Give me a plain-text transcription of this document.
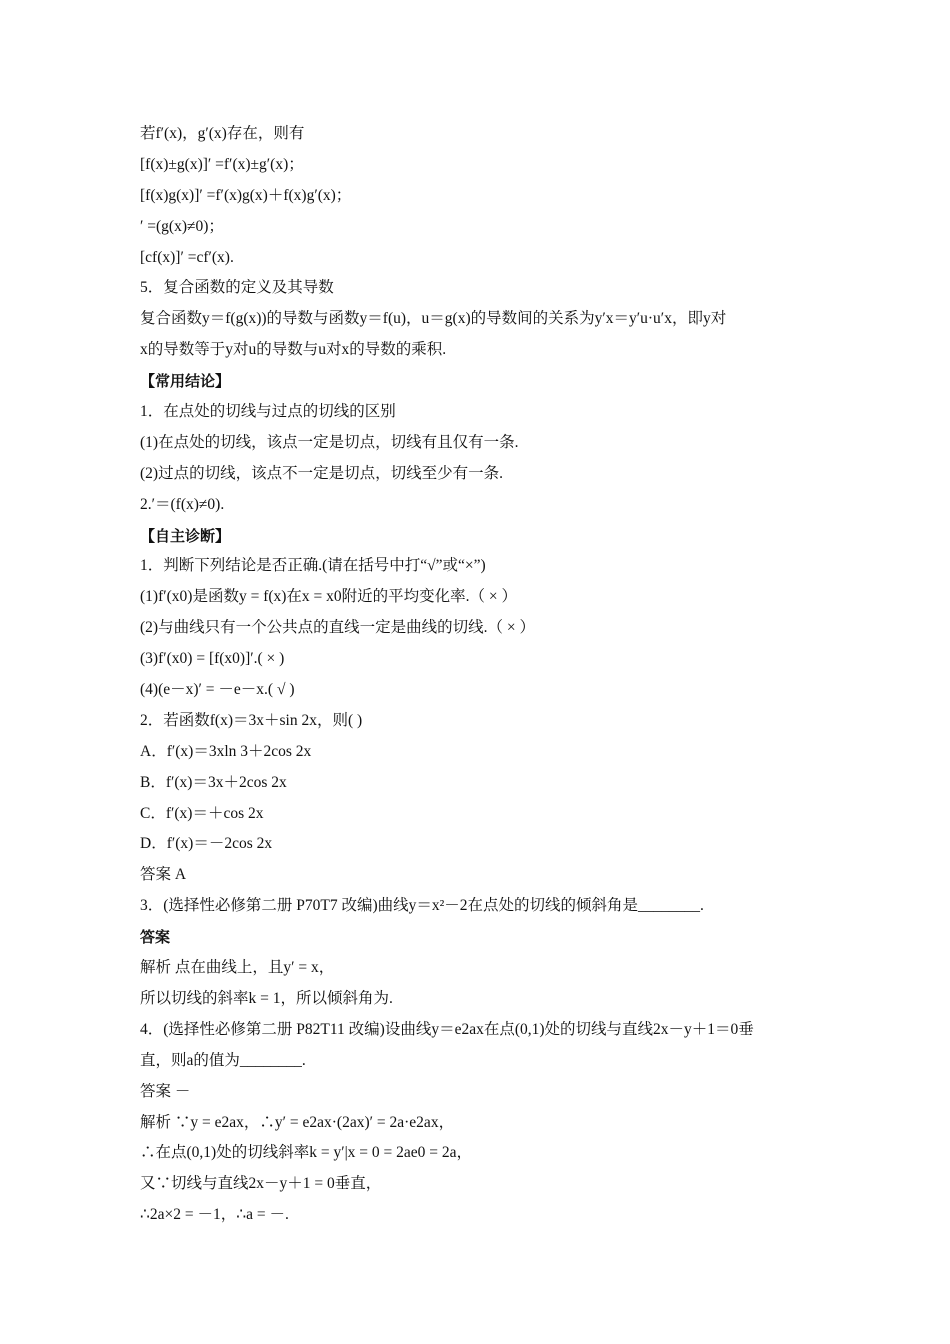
若f′(x)，g′(x)存在，则有
[f(x)±g(x)]′ =f′(x)±g′(x)；
[f(x)g(x)]′ =f′(x)g(x)＋f(x)g′(x)；
′ =(g(x)≠0)；
[cf(x)]′ =cf′(x).
5．复合函数的定义及其导数
复合函数y＝f(g(x))的导数与函数y＝f(u)，u＝g(x)的导数间的关系为y′x＝y′u·u′x，即y对
x的导数等于y对u的导数与u对x的导数的乘积.
【常用结论】
1．在点处的切线与过点的切线的区别
(1)在点处的切线，该点一定是切点，切线有且仅有一条.
(2)过点的切线，该点不一定是切点，切线至少有一条.
2.′＝(f(x)≠0).
【自主诊断】
1．判断下列结论是否正确.(请在括号中打“√”或“×”)
(1)f′(x0)是函数y = f(x)在x = x0附近的平均变化率.（ × ）
(2)与曲线只有一个公共点的直线一定是曲线的切线.（ × ）
(3)f′(x0) = [f(x0)]′.( × )
(4)(e－x)′ = －e－x.( √ )
2．若函数f(x)＝3x＋sin 2x，则( )
A．f′(x)＝3xln 3＋2cos 2x
B．f′(x)＝3x＋2cos 2x
C．f′(x)＝＋cos 2x
D．f′(x)＝－2cos 2x
答案 A
3．(选择性必修第二册 P70T7 改编)曲线y＝x²－2在点处的切线的倾斜角是________.
答案
解析 点在曲线上，且y′ = x，
所以切线的斜率k = 1，所以倾斜角为.
4．(选择性必修第二册 P82T11 改编)设曲线y＝e2ax在点(0,1)处的切线与直线2x－y＋1＝0垂
直，则a的值为________.
答案 －
解析 ∵y = e2ax，∴y′ = e2ax·(2ax)′ = 2a·e2ax，
∴在点(0,1)处的切线斜率k = y′|x = 0 = 2ae0 = 2a，
又∵切线与直线2x－y＋1 = 0垂直，
∴2a×2 = －1，∴a = －.
